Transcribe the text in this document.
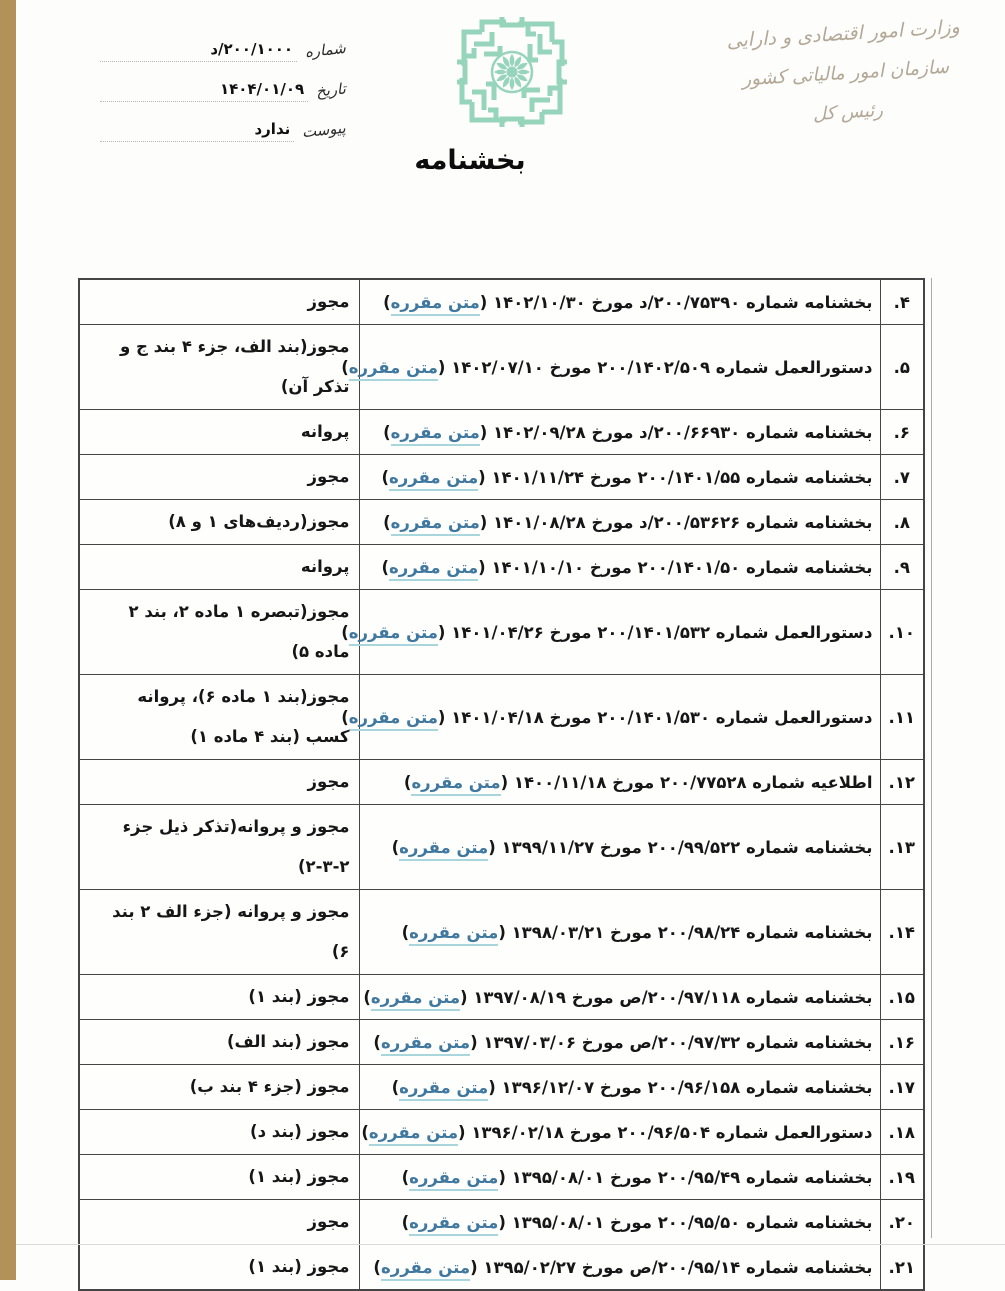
شماره
۲۰۰/۱۰۰۰/د
تاریخ
۱۴۰۴/۰۱/۰۹
پیوست
ندارد
وزارت امور اقتصادی و دارایی
سازمان امور مالیاتی کشور
رئیس کل
بخشنامه
۴.	بخشنامه شماره ۲۰۰/۷۵۳۹۰/د مورخ ۱۴۰۲/۱۰/۳۰ (متن مقرره)	مجوز
۵.	دستورالعمل شماره ۲۰۰/۱۴۰۲/۵۰۹ مورخ ۱۴۰۲/۰۷/۱۰ (متن مقرره)	مجوز(بند الف، جزء ۴ بند ج و تذکر آن)
۶.	بخشنامه شماره ۲۰۰/۶۶۹۳۰/د مورخ ۱۴۰۲/۰۹/۲۸ (متن مقرره)	پروانه
۷.	بخشنامه شماره ۲۰۰/۱۴۰۱/۵۵ مورخ ۱۴۰۱/۱۱/۲۴ (متن مقرره)	مجوز
۸.	بخشنامه شماره ۲۰۰/۵۳۶۲۶/د مورخ ۱۴۰۱/۰۸/۲۸ (متن مقرره)	مجوز(ردیف‌های ۱ و ۸)
۹.	بخشنامه شماره ۲۰۰/۱۴۰۱/۵۰ مورخ ۱۴۰۱/۱۰/۱۰ (متن مقرره)	پروانه
۱۰.	دستورالعمل شماره ۲۰۰/۱۴۰۱/۵۳۲ مورخ ۱۴۰۱/۰۴/۲۶ (متن مقرره)	مجوز(تبصره ۱ ماده ۲، بند ۲ ماده ۵)
۱۱.	دستورالعمل شماره ۲۰۰/۱۴۰۱/۵۳۰ مورخ ۱۴۰۱/۰۴/۱۸ (متن مقرره)	مجوز(بند ۱ ماده ۶)، پروانه کسب (بند ۴ ماده ۱)
۱۲.	اطلاعیه شماره ۲۰۰/۷۷۵۲۸ مورخ ۱۴۰۰/۱۱/۱۸ (متن مقرره)	مجوز
۱۳.	بخشنامه شماره ۲۰۰/۹۹/۵۲۲ مورخ ۱۳۹۹/۱۱/۲۷ (متن مقرره)	مجوز و پروانه(تذکر ذیل جزء ۲-۳-۲)
۱۴.	بخشنامه شماره ۲۰۰/۹۸/۲۴ مورخ ۱۳۹۸/۰۳/۲۱ (متن مقرره)	مجوز و پروانه (جزء الف ۲ بند ۶)
۱۵.	بخشنامه شماره ۲۰۰/۹۷/۱۱۸/ص مورخ ۱۳۹۷/۰۸/۱۹ (متن مقرره)	مجوز (بند ۱)
۱۶.	بخشنامه شماره ۲۰۰/۹۷/۳۲/ص مورخ ۱۳۹۷/۰۳/۰۶ (متن مقرره)	مجوز (بند الف)
۱۷.	بخشنامه شماره ۲۰۰/۹۶/۱۵۸ مورخ ۱۳۹۶/۱۲/۰۷ (متن مقرره)	مجوز (جزء ۴ بند ب)
۱۸.	دستورالعمل شماره ۲۰۰/۹۶/۵۰۴ مورخ ۱۳۹۶/۰۲/۱۸ (متن مقرره)	مجوز (بند د)
۱۹.	بخشنامه شماره ۲۰۰/۹۵/۴۹ مورخ ۱۳۹۵/۰۸/۰۱ (متن مقرره)	مجوز (بند ۱)
۲۰.	بخشنامه شماره ۲۰۰/۹۵/۵۰ مورخ ۱۳۹۵/۰۸/۰۱ (متن مقرره)	مجوز
۲۱.	بخشنامه شماره ۲۰۰/۹۵/۱۴/ص مورخ ۱۳۹۵/۰۲/۲۷ (متن مقرره)	مجوز (بند ۱)
